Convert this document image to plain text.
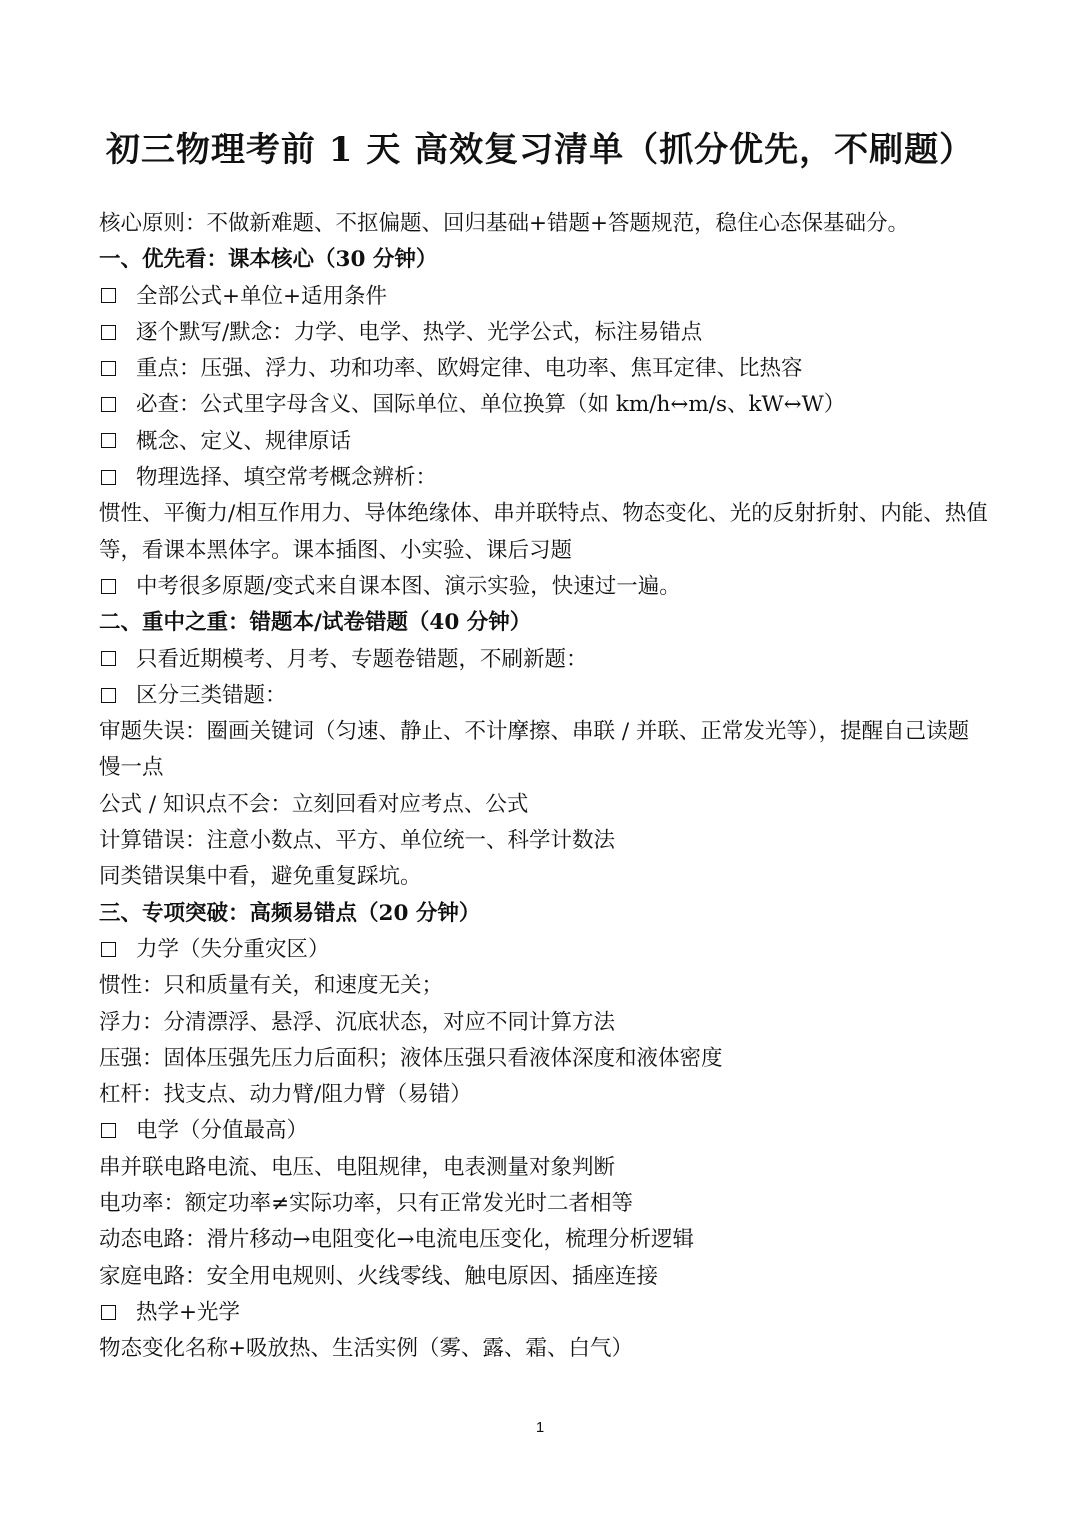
初三物理考前 1 天 高效复习清单（抓分优先，不刷题）
核心原则：不做新难题、不抠偏题、回归基础+错题+答题规范，稳住心态保基础分。
一、优先看：课本核心（30 分钟）
全部公式+单位+适用条件
逐个默写/默念：力学、电学、热学、光学公式，标注易错点
重点：压强、浮力、功和功率、欧姆定律、电功率、焦耳定律、比热容
必查：公式里字母含义、国际单位、单位换算（如 km/h↔m/s、kW↔W）
概念、定义、规律原话
物理选择、填空常考概念辨析：
惯性、平衡力/相互作用力、导体绝缘体、串并联特点、物态变化、光的反射折射、内能、热值等，看课本黑体字。课本插图、小实验、课后习题
中考很多原题/变式来自课本图、演示实验，快速过一遍。
二、重中之重：错题本/试卷错题（40 分钟）
只看近期模考、月考、专题卷错题，不刷新题：
区分三类错题：
审题失误：圈画关键词（匀速、静止、不计摩擦、串联 / 并联、正常发光等），提醒自己读题慢一点
公式 / 知识点不会：立刻回看对应考点、公式
计算错误：注意小数点、平方、单位统一、科学计数法
同类错误集中看，避免重复踩坑。
三、专项突破：高频易错点（20 分钟）
力学（失分重灾区）
惯性：只和质量有关，和速度无关；
浮力：分清漂浮、悬浮、沉底状态，对应不同计算方法
压强：固体压强先压力后面积；液体压强只看液体深度和液体密度
杠杆：找支点、动力臂/阻力臂（易错）
电学（分值最高）
串并联电路电流、电压、电阻规律，电表测量对象判断
电功率：额定功率≠实际功率，只有正常发光时二者相等
动态电路：滑片移动→电阻变化→电流电压变化，梳理分析逻辑
家庭电路：安全用电规则、火线零线、触电原因、插座连接
热学+光学
物态变化名称+吸放热、生活实例（雾、露、霜、白气）
1
